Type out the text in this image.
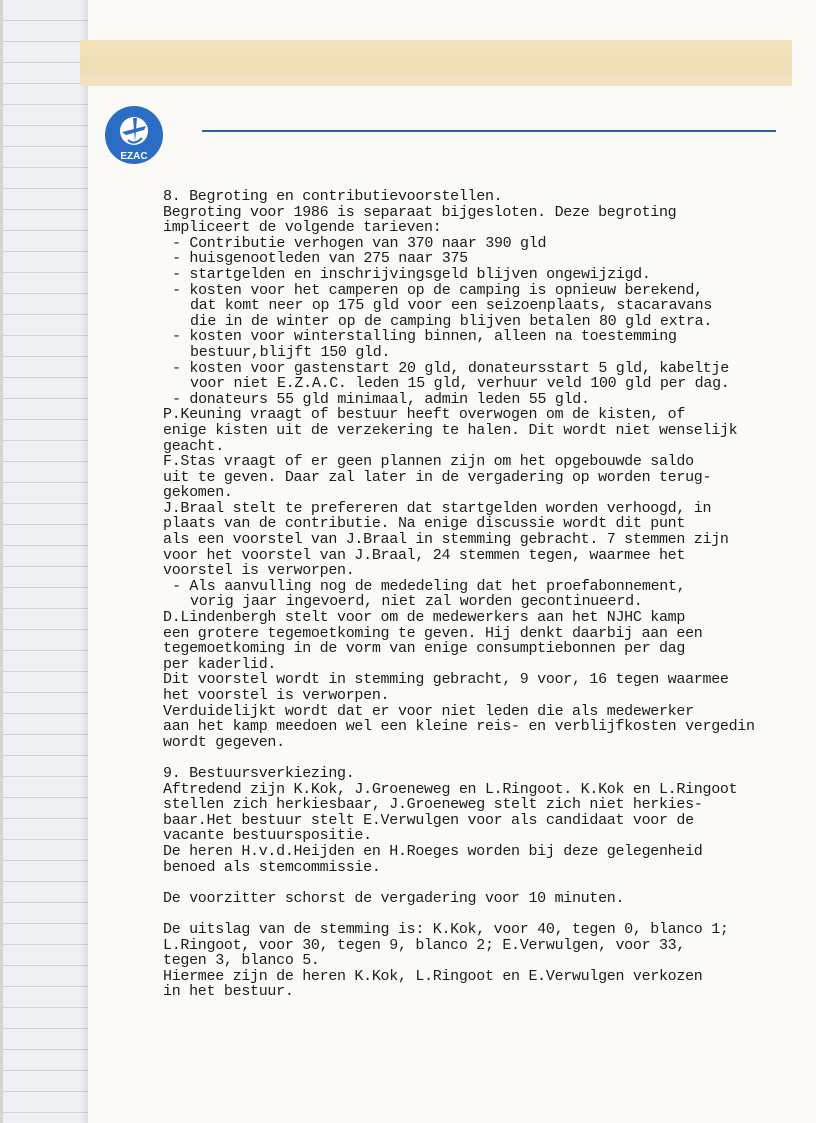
EZAC
8. Begroting en contributievoorstellen.
Begroting voor 1986 is separaat bijgesloten. Deze begroting
impliceert de volgende tarieven:
- Contributie verhogen van 370 naar 390 gld
- huisgenootleden van 275 naar 375
- startgelden en inschrijvingsgeld blijven ongewijzigd.
- kosten voor het camperen op de camping is opnieuw berekend,
dat komt neer op 175 gld voor een seizoenplaats, stacaravans
die in de winter op de camping blijven betalen 80 gld extra.
- kosten voor winterstalling binnen, alleen na toestemming
bestuur,blijft 150 gld.
- kosten voor gastenstart 20 gld, donateursstart 5 gld, kabeltje
voor niet E.Z.A.C. leden 15 gld, verhuur veld 100 gld per dag.
- donateurs 55 gld minimaal, admin leden 55 gld.
P.Keuning vraagt of bestuur heeft overwogen om de kisten, of
enige kisten uit de verzekering te halen. Dit wordt niet wenselijk
geacht.
F.Stas vraagt of er geen plannen zijn om het opgebouwde saldo
uit te geven. Daar zal later in de vergadering op worden terug-
gekomen.
J.Braal stelt te prefereren dat startgelden worden verhoogd, in
plaats van de contributie. Na enige discussie wordt dit punt
als een voorstel van J.Braal in stemming gebracht. 7 stemmen zijn
voor het voorstel van J.Braal, 24 stemmen tegen, waarmee het
voorstel is verworpen.
- Als aanvulling nog de mededeling dat het proefabonnement,
vorig jaar ingevoerd, niet zal worden gecontinueerd.
D.Lindenbergh stelt voor om de medewerkers aan het NJHC kamp
een grotere tegemoetkoming te geven. Hij denkt daarbij aan een
tegemoetkoming in de vorm van enige consumptiebonnen per dag
per kaderlid.
Dit voorstel wordt in stemming gebracht, 9 voor, 16 tegen waarmee
het voorstel is verworpen.
Verduidelijkt wordt dat er voor niet leden die als medewerker
aan het kamp meedoen wel een kleine reis- en verblijfkosten vergedin
wordt gegeven.
9. Bestuursverkiezing.
Aftredend zijn K.Kok, J.Groeneweg en L.Ringoot. K.Kok en L.Ringoot
stellen zich herkiesbaar, J.Groeneweg stelt zich niet herkies-
baar.Het bestuur stelt E.Verwulgen voor als candidaat voor de
vacante bestuurspositie.
De heren H.v.d.Heijden en H.Roeges worden bij deze gelegenheid
benoed als stemcommissie.
De voorzitter schorst de vergadering voor 10 minuten.
De uitslag van de stemming is: K.Kok, voor 40, tegen 0, blanco 1;
L.Ringoot, voor 30, tegen 9, blanco 2; E.Verwulgen, voor 33,
tegen 3, blanco 5.
Hiermee zijn de heren K.Kok, L.Ringoot en E.Verwulgen verkozen
in het bestuur.
